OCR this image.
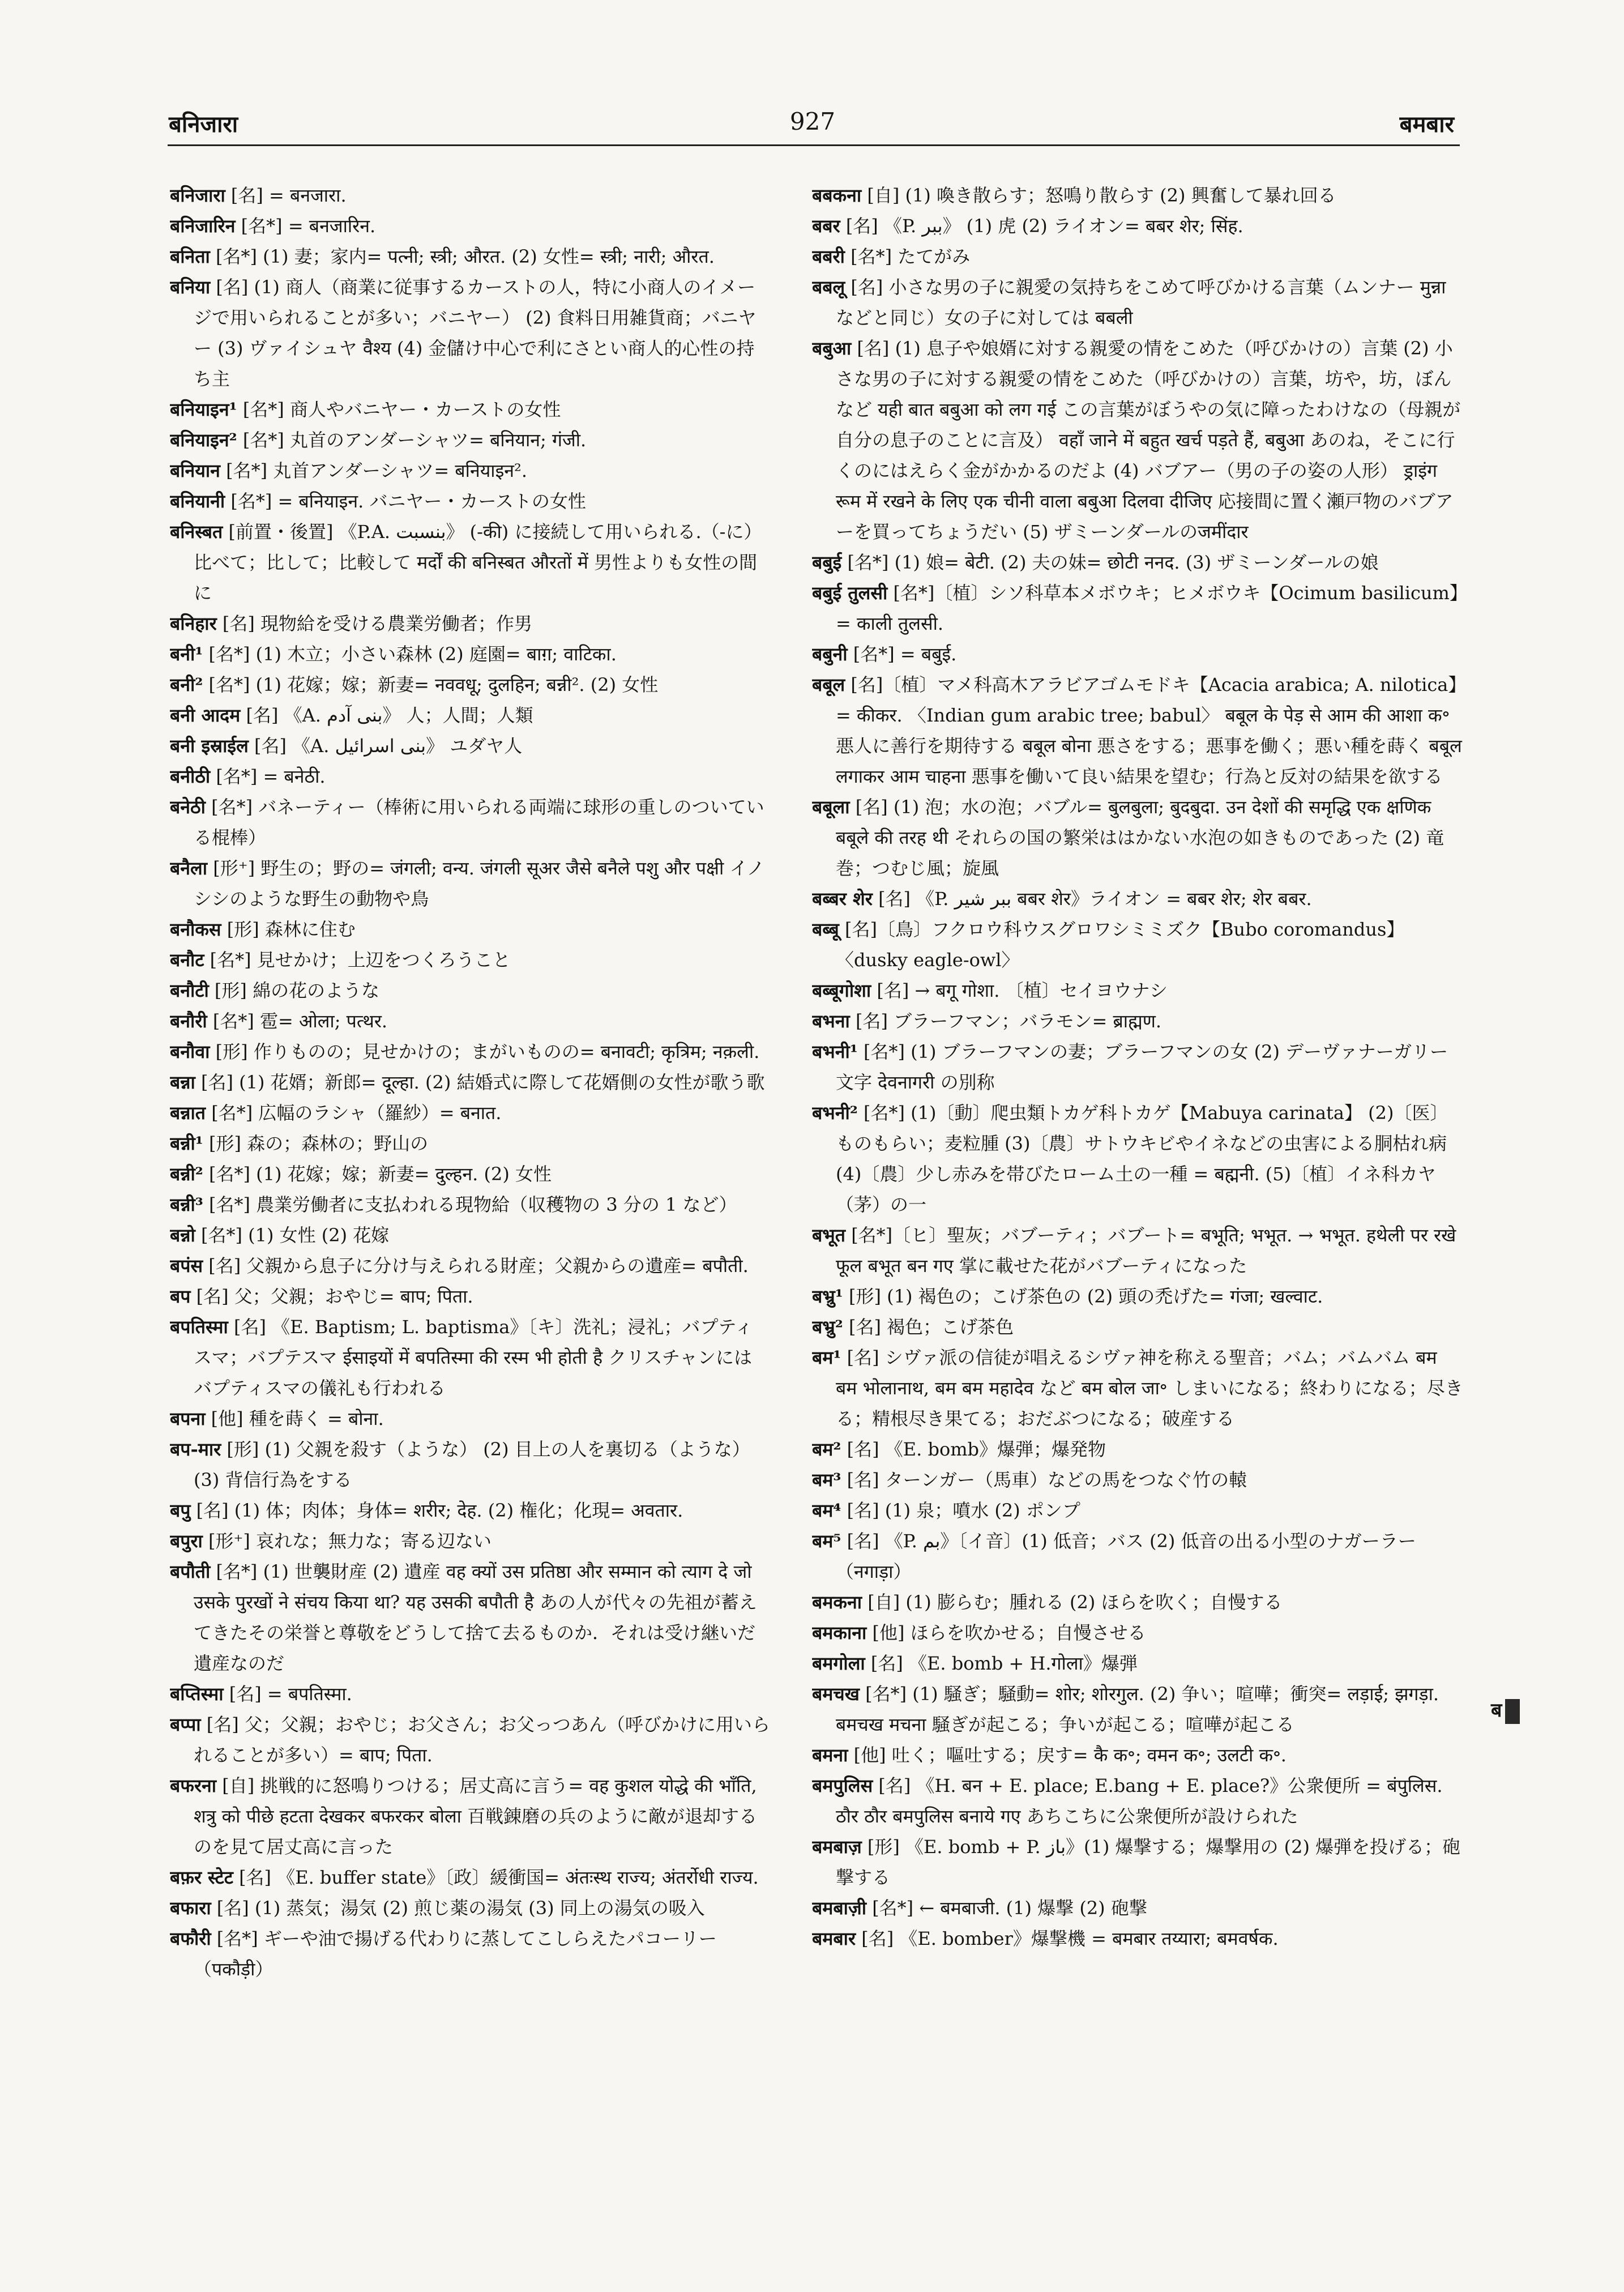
बनिजारा	927	बमबार
बनिजारा [名] = बनजारा.
बनिजारिन [名*] = बनजारिन.
बनिता [名*] (1) 妻；家内= पत्नी; स्त्री; औरत. (2) 女性= स्त्री; नारी; औरत.
बनिया [名] (1) 商人（商業に従事するカーストの人，特に小商人のイメージで用いられることが多い；バニヤー） (2) 食料日用雑貨商；バニヤー (3) ヴァイシュヤ वैश्य (4) 金儲け中心で利にさとい商人的心性の持ち主
बनियाइन¹ [名*] 商人やバニヤー・カーストの女性
बनियाइन² [名*] 丸首のアンダーシャツ= बनियान; गंजी.
बनियान [名*] 丸首アンダーシャツ= बनियाइन².
बनियानी [名*] = बनियाइन. バニヤー・カーストの女性
बनिस्बत [前置・後置] 《P.A. بنسبت》 (-की) に接続して用いられる.（-に）比べて；比して；比較して मर्दों की बनिस्बत औरतों में 男性よりも女性の間に
बनिहार [名] 現物給を受ける農業労働者；作男
बनी¹ [名*] (1) 木立；小さい森林 (2) 庭園= बाग़; वाटिका.
बनी² [名*] (1) 花嫁；嫁；新妻= नववधू; दुलहिन; बन्नी². (2) 女性
बनी आदम [名] 《A. بنی آدم》 人；人間；人類
बनी इस्राईल [名] 《A. بنی اسرائیل》 ユダヤ人
बनीठी [名*] = बनेठी.
बनेठी [名*] バネーティー（棒術に用いられる両端に球形の重しのついている棍棒）
बनैला [形⁺] 野生の；野の= जंगली; वन्य. जंगली सूअर जैसे बनैले पशु और पक्षी イノシシのような野生の動物や鳥
बनौकस [形] 森林に住む
बनौट [名*] 見せかけ；上辺をつくろうこと
बनौटी [形] 綿の花のような
बनौरी [名*] 雹= ओला; पत्थर.
बनौवा [形] 作りものの；見せかけの；まがいものの= बनावटी; कृत्रिम; नक़ली.
बन्ना [名] (1) 花婿；新郎= दूल्हा. (2) 結婚式に際して花婿側の女性が歌う歌
बन्नात [名*] 広幅のラシャ（羅紗）= बनात.
बन्नी¹ [形] 森の；森林の；野山の
बन्नी² [名*] (1) 花嫁；嫁；新妻= दुल्हन. (2) 女性
बन्नी³ [名*] 農業労働者に支払われる現物給（収穫物の 3 分の 1 など）
बन्नो [名*] (1) 女性 (2) 花嫁
बपंस [名] 父親から息子に分け与えられる財産；父親からの遺産= बपौती.
बप [名] 父；父親；おやじ= बाप; पिता.
बपतिस्मा [名] 《E. Baptism; L. baptisma》〔キ〕洗礼；浸礼；バプティスマ；バプテスマ ईसाइयों में बपतिस्मा की रस्म भी होती है クリスチャンにはバプティスマの儀礼も行われる
बपना [他] 種を蒔く = बोना.
बप-मार [形] (1) 父親を殺す（ような） (2) 目上の人を裏切る（ような） (3) 背信行為をする
बपु [名] (1) 体；肉体；身体= शरीर; देह. (2) 権化；化現= अवतार.
बपुरा [形⁺] 哀れな；無力な；寄る辺ない
बपौती [名*] (1) 世襲財産 (2) 遺産 वह क्यों उस प्रतिष्ठा और सम्मान को त्याग दे जो उसके पुरखों ने संचय किया था? यह उसकी बपौती है あの人が代々の先祖が蓄えてきたその栄誉と尊敬をどうして捨て去るものか．それは受け継いだ遺産なのだ
बप्तिस्मा [名] = बपतिस्मा.
बप्पा [名] 父；父親；おやじ；お父さん；お父っつあん（呼びかけに用いられることが多い）= बाप; पिता.
बफरना [自] 挑戦的に怒鳴りつける；居丈高に言う= वह कुशल योद्धे की भाँति, शत्रु को पीछे हटता देखकर बफरकर बोला 百戦錬磨の兵のように敵が退却するのを見て居丈高に言った
बफ़र स्टेट [名] 《E. buffer state》〔政〕緩衝国= अंतःस्थ राज्य; अंतर्रोधी राज्य.
बफारा [名] (1) 蒸気；湯気 (2) 煎じ薬の湯気 (3) 同上の湯気の吸入
बफौरी [名*] ギーや油で揚げる代わりに蒸してこしらえたパコーリー（पकौड़ी）
बबकना [自] (1) 喚き散らす；怒鳴り散らす (2) 興奮して暴れ回る
बबर [名] 《P. ببر》 (1) 虎 (2) ライオン= बबर शेर; सिंह.
बबरी [名*] たてがみ
बबलू [名] 小さな男の子に親愛の気持ちをこめて呼びかける言葉（ムンナー मुन्ना などと同じ）女の子に対しては बबली
बबुआ [名] (1) 息子や娘婿に対する親愛の情をこめた（呼びかけの）言葉 (2) 小さな男の子に対する親愛の情をこめた（呼びかけの）言葉，坊や，坊，ぼんなど यही बात बबुआ को लग गई この言葉がぼうやの気に障ったわけなの（母親が自分の息子のことに言及） वहाँ जाने में बहुत खर्च पड़ते हैं, बबुआ あのね，そこに行くのにはえらく金がかかるのだよ (4) バブアー（男の子の姿の人形） ड्राइंग रूम में रखने के लिए एक चीनी वाला बबुआ दिलवा दीजिए 応接間に置く瀬戸物のバブアーを買ってちょうだい (5) ザミーンダールのजमींदार
बबुई [名*] (1) 娘= बेटी. (2) 夫の妹= छोटी ननद. (3) ザミーンダールの娘
बबुई तुलसी [名*]〔植〕シソ科草本メボウキ；ヒメボウキ【Ocimum basilicum】= काली तुलसी.
बबुनी [名*] = बबुई.
बबूल [名]〔植〕マメ科高木アラビアゴムモドキ【Acacia arabica; A. nilotica】= कीकर. 〈Indian gum arabic tree; babul〉 बबूल के पेड़ से आम की आशा क॰ 悪人に善行を期待する बबूल बोना 悪さをする；悪事を働く；悪い種を蒔く बबूल लगाकर आम चाहना 悪事を働いて良い結果を望む；行為と反対の結果を欲する
बबूला [名] (1) 泡；水の泡；バブル= बुलबुला; बुदबुदा. उन देशों की समृद्धि एक क्षणिक बबूले की तरह थी それらの国の繁栄ははかない水泡の如きものであった (2) 竜巻；つむじ風；旋風
बब्बर शेर [名] 《P. ببر شیر बबर शेर》ライオン = बबर शेर; शेर बबर.
बब्बू [名]〔鳥〕フクロウ科ウスグロワシミミズク【Bubo coromandus】〈dusky eagle-owl〉
बब्बूगोशा [名] → बगू गोशा. 〔植〕セイヨウナシ
बभना [名] ブラーフマン；バラモン= ब्राह्मण.
बभनी¹ [名*] (1) ブラーフマンの妻；ブラーフマンの女 (2) デーヴァナーガリー文字 देवनागरी の別称
बभनी² [名*] (1)〔動〕爬虫類トカゲ科トカゲ【Mabuya carinata】 (2)〔医〕ものもらい；麦粒腫 (3)〔農〕サトウキビやイネなどの虫害による胴枯れ病 (4)〔農〕少し赤みを帯びたローム土の一種 = बह्मनी. (5)〔植〕イネ科カヤ（茅）の一
बभूत [名*]〔ヒ〕聖灰；バブーティ；バブート= बभूति; भभूत. → भभूत. हथेली पर रखे फूल बभूत बन गए 掌に載せた花がバブーティになった
बभ्रु¹ [形] (1) 褐色の；こげ茶色の (2) 頭の禿げた= गंजा; खल्वाट.
बभ्रु² [名] 褐色；こげ茶色
बम¹ [名] シヴァ派の信徒が唱えるシヴァ神を称える聖音；バム；バムバム बम बम भोलानाथ, बम बम महादेव など बम बोल जा॰ しまいになる；終わりになる；尽きる；精根尽き果てる；おだぶつになる；破産する
बम² [名] 《E. bomb》爆弾；爆発物
बम³ [名] ターンガー（馬車）などの馬をつなぐ竹の轅
बम⁴ [名] (1) 泉；噴水 (2) ポンプ
बम⁵ [名] 《P. بم》〔イ音〕(1) 低音；バス (2) 低音の出る小型のナガーラー（नगाड़ा）
बमकना [自] (1) 膨らむ；腫れる (2) ほらを吹く；自慢する
बमकाना [他] ほらを吹かせる；自慢させる
बमगोला [名] 《E. bomb + H.गोला》爆弾
बमचख [名*] (1) 騒ぎ；騒動= शोर; शोरगुल. (2) 争い；喧嘩；衝突= लड़ाई; झगड़ा. बमचख मचना 騒ぎが起こる；争いが起こる；喧嘩が起こる
बमना [他] 吐く；嘔吐する；戻す= कै क॰; वमन क॰; उलटी क॰.
बमपुलिस [名] 《H. बन + E. place; E.bang + E. place?》公衆便所 = बंपुलिस. ठौर ठौर बमपुलिस बनाये गए あちこちに公衆便所が設けられた
बमबाज़ [形] 《E. bomb + P. باز》(1) 爆撃する；爆撃用の (2) 爆弾を投げる；砲撃する
बमबाज़ी [名*] ← बमबाजी. (1) 爆撃 (2) 砲撃
बमबार [名] 《E. bomber》爆撃機 = बमबार तय्यारा; बमवर्षक.
ब
